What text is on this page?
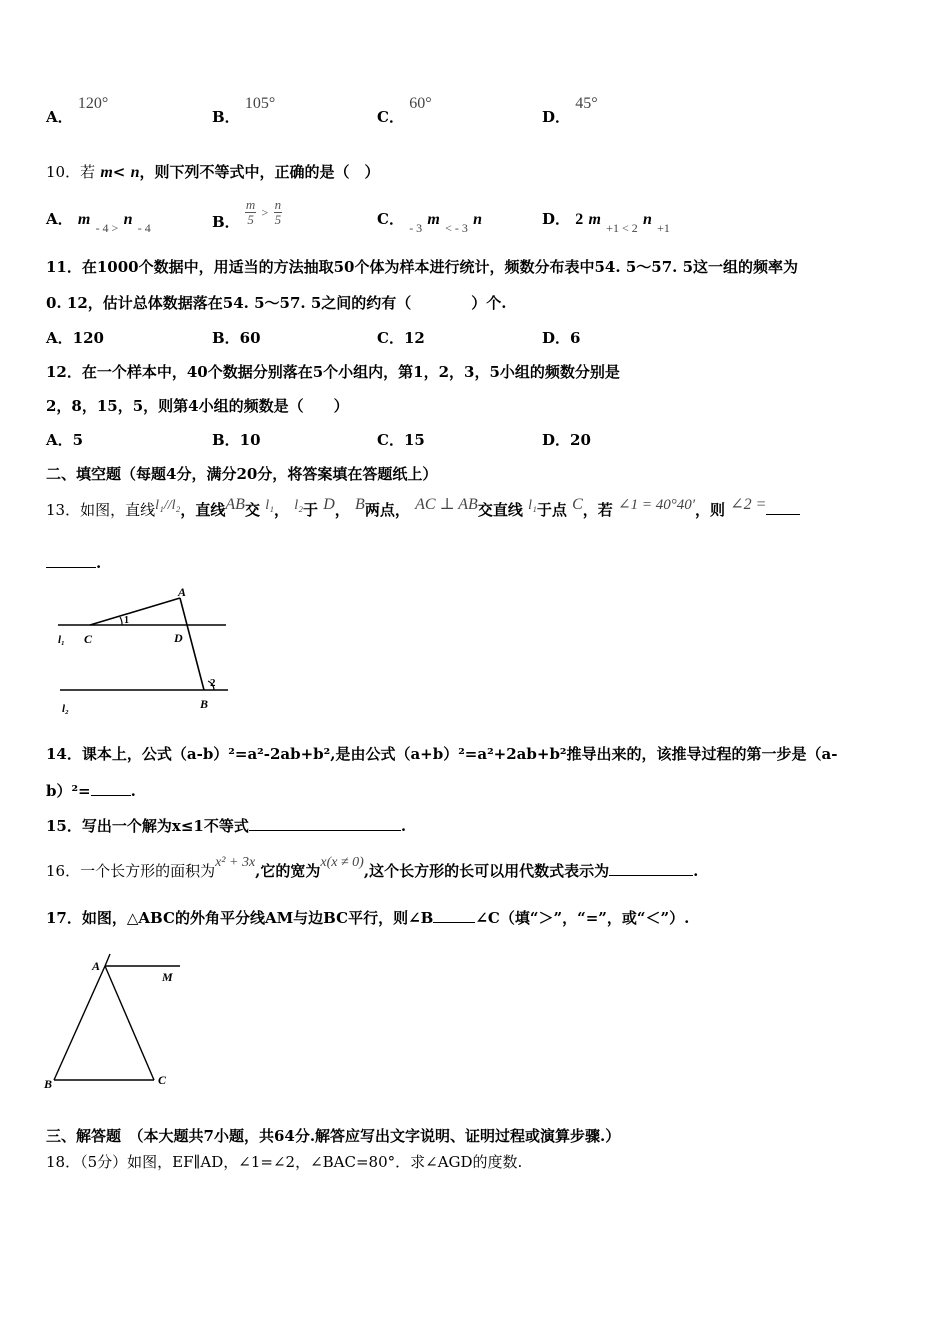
A． 120°
B． 105°
C． 60°
D． 45°
10．若 m< n，则下列不等式中，正确的是（　）
A． m $_{- 4 >}$ n $_{- 4}$	B． $\frac{m}{5} > \frac{n}{5}$	C． $_{- 3}$ m $_{< - 3}$ n	D． 2 m $_{+1 < 2}$ n $_{+1}$
11．在1000个数据中，用适当的方法抽取50个体为样本进行统计，频数分布表中54. 5～57. 5这一组的频率为
0. 12，估计总体数据落在54. 5～57. 5之间的约有（　　　　）个.
A．120	B．60	C．12	D．6
12．在一个样本中，40个数据分别落在5个小组内，第1，2，3，5小组的频数分别是
2，8，15，5，则第4小组的频数是（　　）
A．5	B．10	C．15	D．20
二、填空题（每题4分，满分20分，将答案填在答题纸上）
13．如图，直线l₁//l₂，直线AB交 l₁， l₂于 D， B两点， AC ⊥ AB交直线 l₁于点 C，若 ∠1 = 40°40′，则 ∠2 =
.
A
C	D
B
l₁
l₂
1
2
14．课本上，公式（a-b）²=a²-2ab+b²,是由公式（a+b）²=a²+2ab+b²推导出来的，该推导过程的第一步是（a-
b）²=	.
15．写出一个解为x≤1不等式	.
16．一个长方形的面积为x² + 3x,它的宽为x(x ≠ 0),这个长方形的长可以用代数式表示为	.
17．如图，△ABC的外角平分线AM与边BC平行，则∠B	∠C（填“＞”，“=”，或“＜”）.
A
M
B	C
三、解答题　（本大题共7小题，共64分.解答应写出文字说明、证明过程或演算步骤.）
18．（5分）如图，EF∥AD，∠1=∠2，∠BAC=80°．求∠AGD的度数.
